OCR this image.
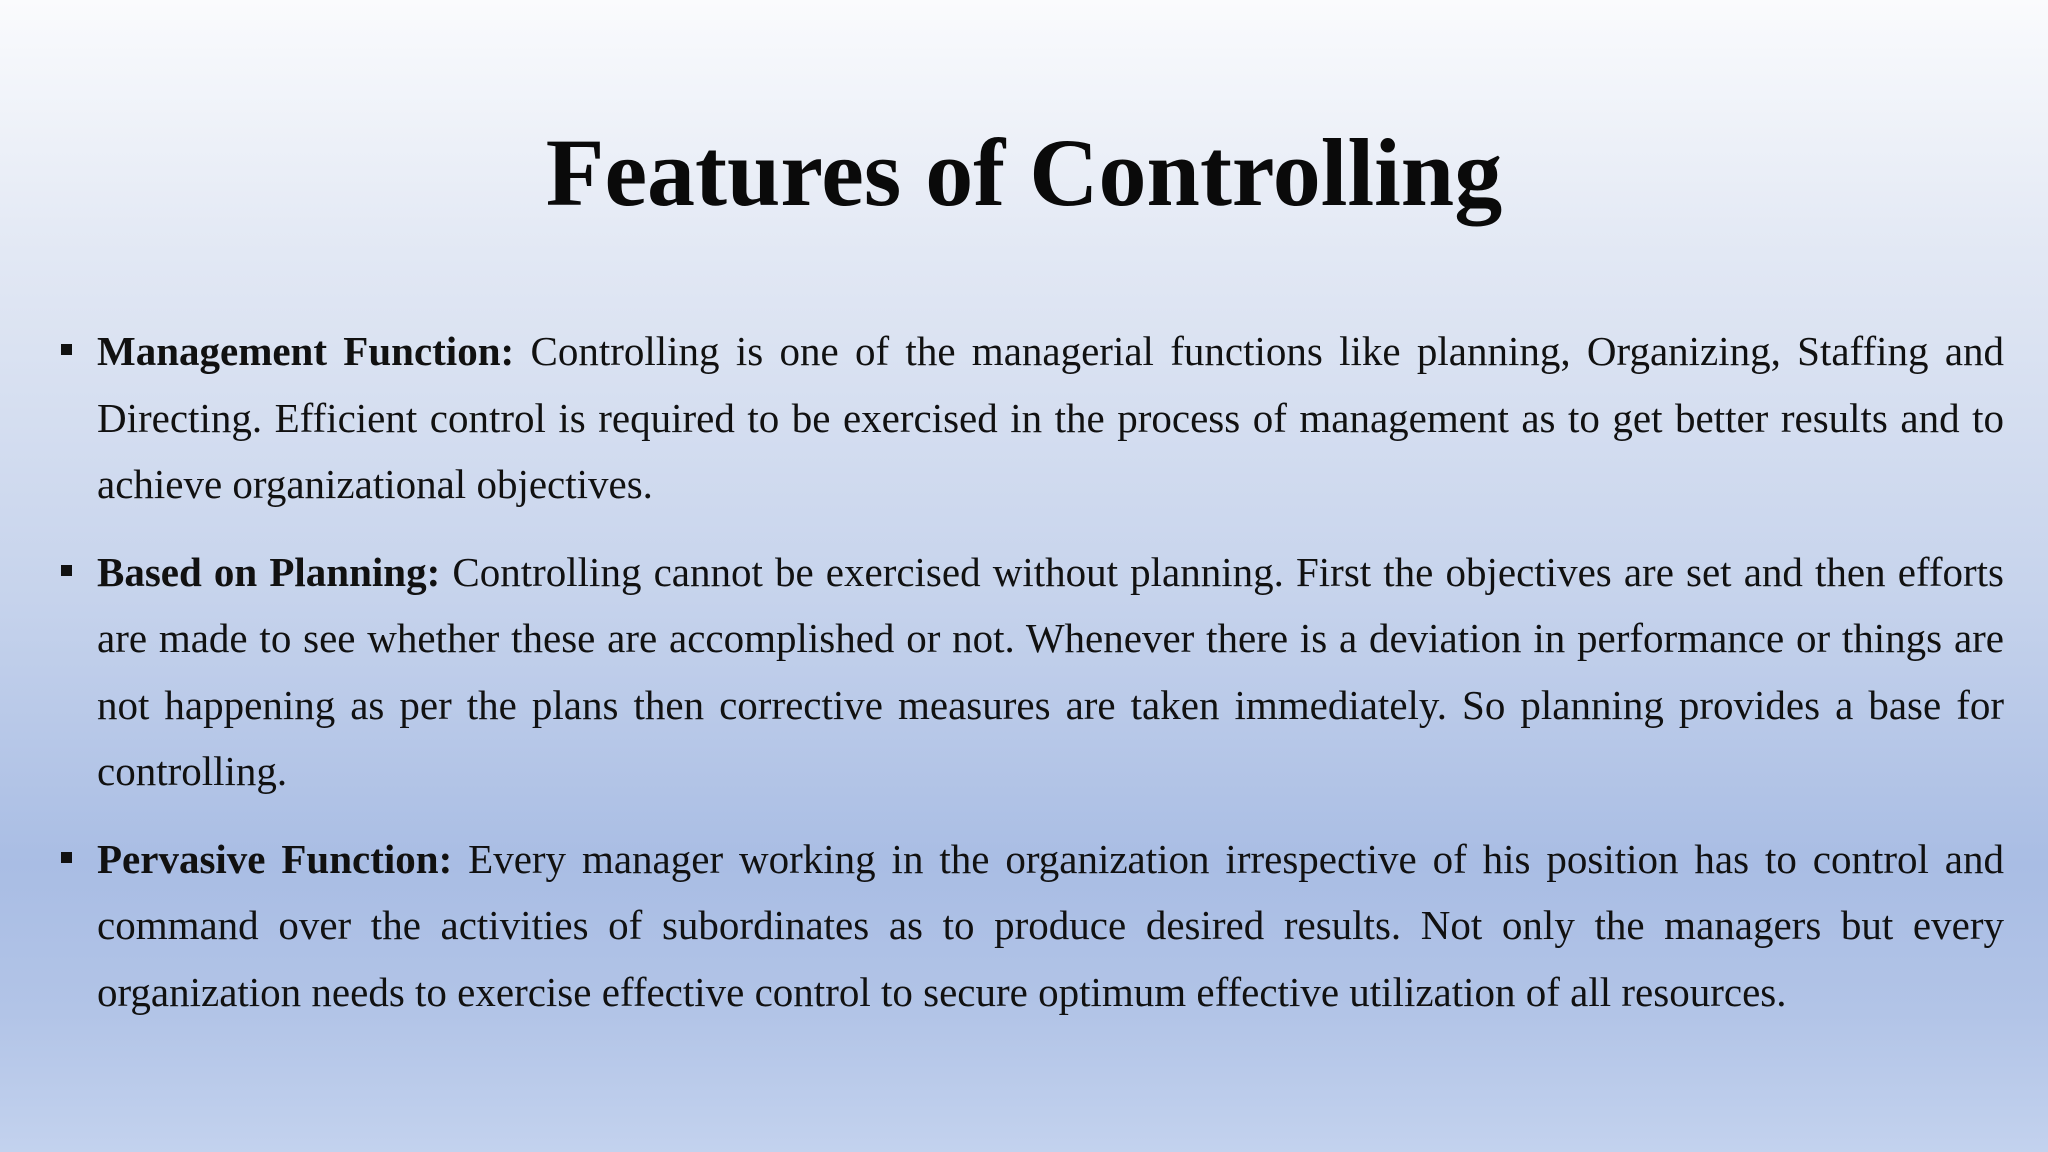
Features of Controlling
Management Function: Controlling is one of the managerial functions like planning, Organizing, Staffing and Directing. Efficient control is required to be exercised in the process of management as to get better results and to achieve organizational objectives.
Based on Planning: Controlling cannot be exercised without planning. First the objectives are set and then efforts are made to see whether these are accomplished or not. Whenever there is a deviation in performance or things are not happening as per the plans then corrective measures are taken immediately. So planning provides a base for controlling.
Pervasive Function: Every manager working in the organization irrespective of his position has to control and command over the activities of subordinates as to produce desired results. Not only the managers but every organization needs to exercise effective control to secure optimum effective utilization of all resources.
